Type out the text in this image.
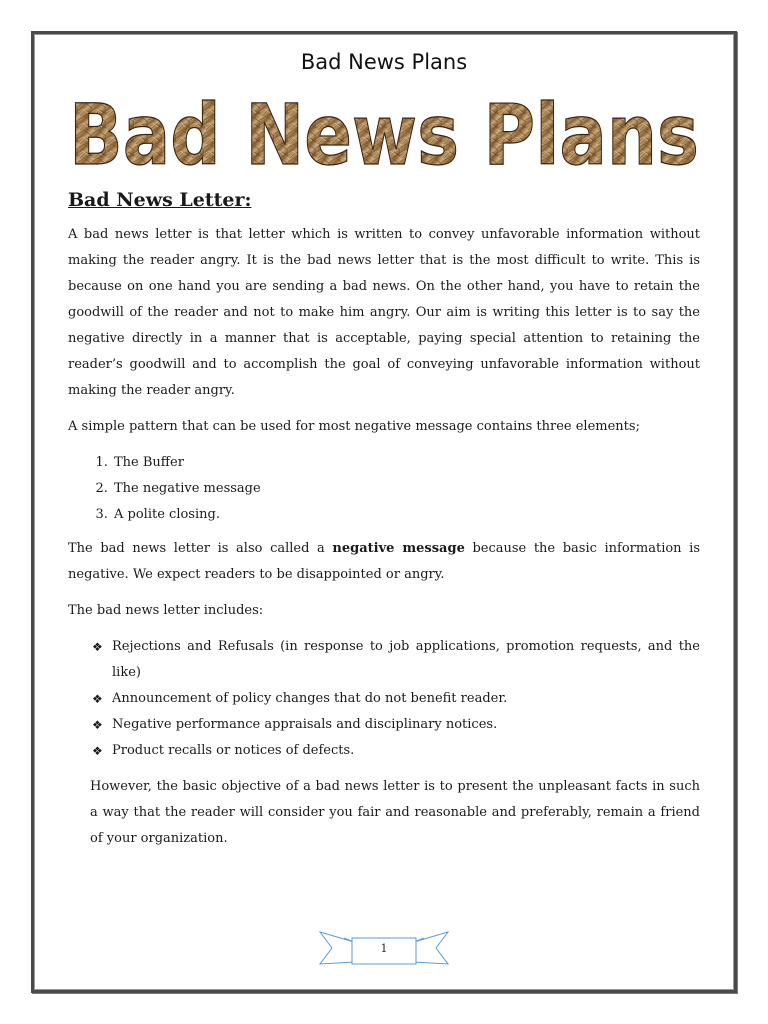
Bad News Plans
Bad News Plans
Bad News Letter:

A bad news letter is that letter which is written to convey unfavorable information without making the reader angry. It is the bad news letter that is the most difficult to write. This is because on one hand you are sending a bad news. On the other hand, you have to retain the goodwill of the reader and not to make him angry. Our aim is writing this letter is to say the negative directly in a manner that is acceptable, paying special attention to retaining the reader’s goodwill and to accomplish the goal of conveying unfavorable information without making the reader angry.

A simple pattern that can be used for most negative message contains three elements;

1. The Buffer
2. The negative message
3. A polite closing.

The bad news letter is also called a negative message because the basic information is negative. We expect readers to be disappointed or angry.

The bad news letter includes:

❖ Rejections and Refusals (in response to job applications, promotion requests, and the like)
❖ Announcement of policy changes that do not benefit reader.
❖ Negative performance appraisals and disciplinary notices.
❖ Product recalls or notices of defects.

However, the basic objective of a bad news letter is to present the unpleasant facts in such a way that the reader will consider you fair and reasonable and preferably, remain a friend of your organization.

1
